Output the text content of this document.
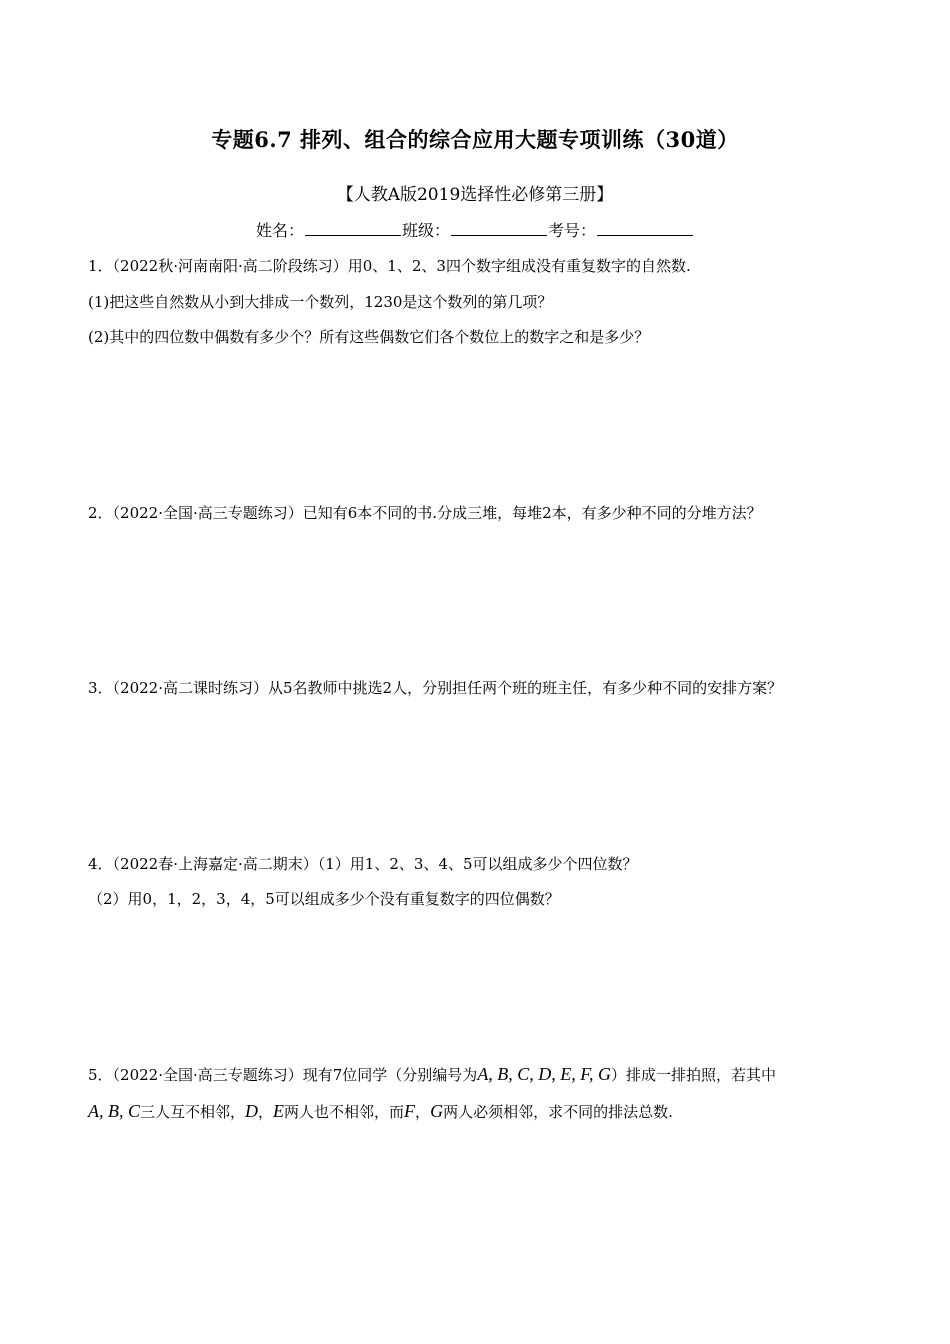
专题6.7 排列、组合的综合应用大题专项训练（30道）
【人教A版2019选择性必修第三册】
姓名：	班级：	考号：
1．（2022秋·河南南阳·高二阶段练习）用0、1、2、3四个数字组成没有重复数字的自然数.
(1)把这些自然数从小到大排成一个数列，1230是这个数列的第几项？
(2)其中的四位数中偶数有多少个？所有这些偶数它们各个数位上的数字之和是多少？
2．（2022·全国·高三专题练习）已知有6本不同的书.分成三堆，每堆2本，有多少种不同的分堆方法？
3．（2022·高二课时练习）从5名教师中挑选2人，分别担任两个班的班主任，有多少种不同的安排方案？
4．（2022春·上海嘉定·高二期末）（1）用1、2、3、4、5可以组成多少个四位数？
（2）用0，1，2，3，4，5可以组成多少个没有重复数字的四位偶数？
5．（2022·全国·高三专题练习）现有7位同学（分别编号为A, B, C, D, E, F, G）排成一排拍照，若其中
A, B, C三人互不相邻，D，E两人也不相邻，而F，G两人必须相邻，求不同的排法总数.
